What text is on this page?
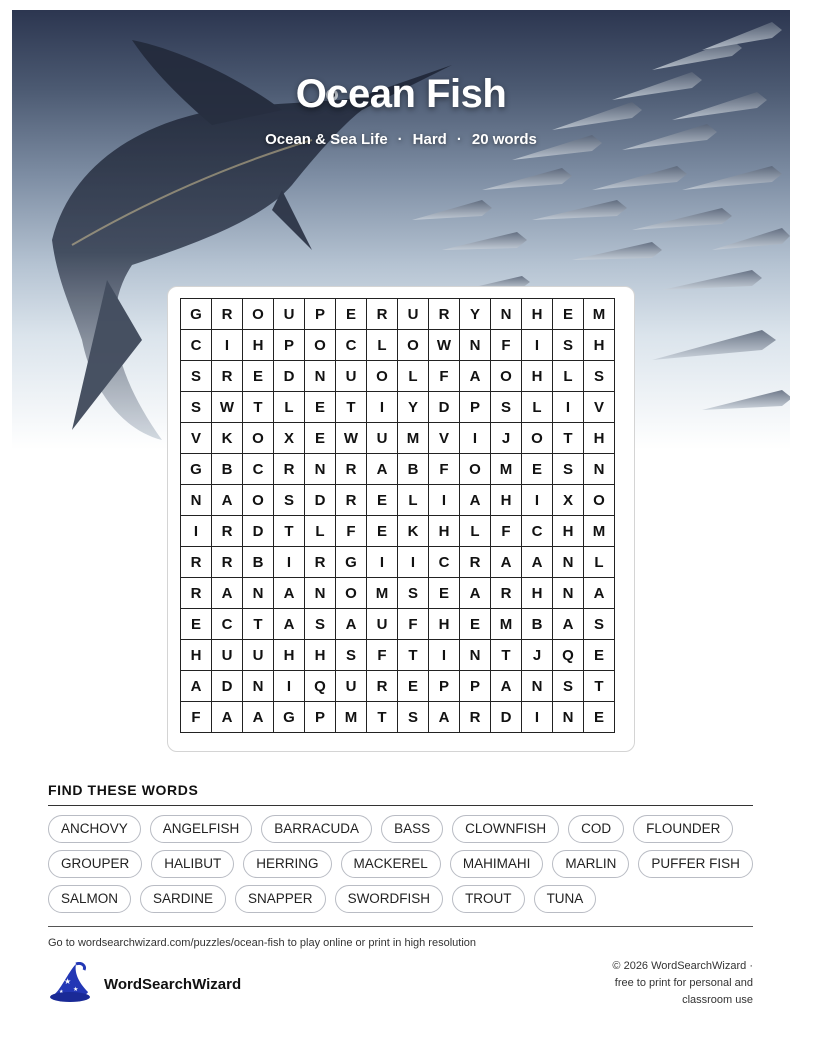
Ocean Fish
Ocean & Sea Life · Hard · 20 words
G	R	O	U	P	E	R	U	R	Y	N	H	E	M
C	I	H	P	O	C	L	O	W	N	F	I	S	H
S	R	E	D	N	U	O	L	F	A	O	H	L	S
S	W	T	L	E	T	I	Y	D	P	S	L	I	V
V	K	O	X	E	W	U	M	V	I	J	O	T	H
G	B	C	R	N	R	A	B	F	O	M	E	S	N
N	A	O	S	D	R	E	L	I	A	H	I	X	O
I	R	D	T	L	F	E	K	H	L	F	C	H	M
R	R	B	I	R	G	I	I	C	R	A	A	N	L
R	A	N	A	N	O	M	S	E	A	R	H	N	A
E	C	T	A	S	A	U	F	H	E	M	B	A	S
H	U	U	H	H	S	F	T	I	N	T	J	Q	E
A	D	N	I	Q	U	R	E	P	P	A	N	S	T
F	A	A	G	P	M	T	S	A	R	D	I	N	E
FIND THESE WORDS
ANCHOVY	ANGELFISH	BARRACUDA	BASS	CLOWNFISH	COD	FLOUNDER
GROUPER	HALIBUT	HERRING	MACKEREL	MAHIMAHI	MARLIN	PUFFER FISH
SALMON	SARDINE	SNAPPER	SWORDFISH	TROUT	TUNA
Go to wordsearchwizard.com/puzzles/ocean-fish to play online or print in high resolution
★
★
★	WordSearchWizard
© 2026 WordSearchWizard ·
free to print for personal and
classroom use
